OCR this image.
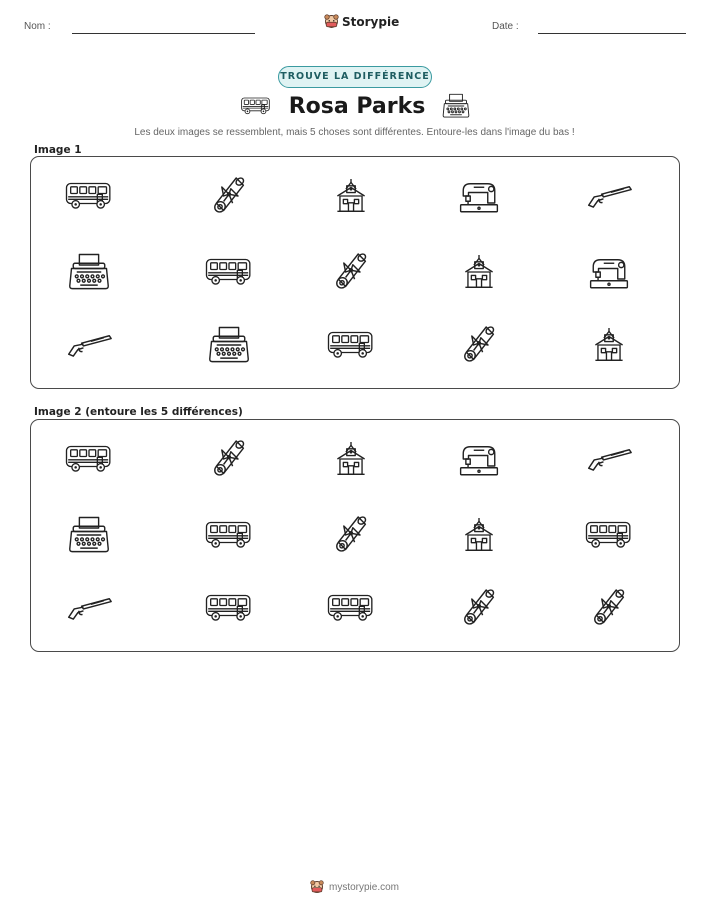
Nom :	Storypie	Date :
TROUVE LA DIFFÉRENCE
Rosa Parks
Les deux images se ressemblent, mais 5 choses sont différentes. Entoure-les dans l'image du bas !
Image 1
Image 2 (entoure les 5 différences)
mystorypie.com
